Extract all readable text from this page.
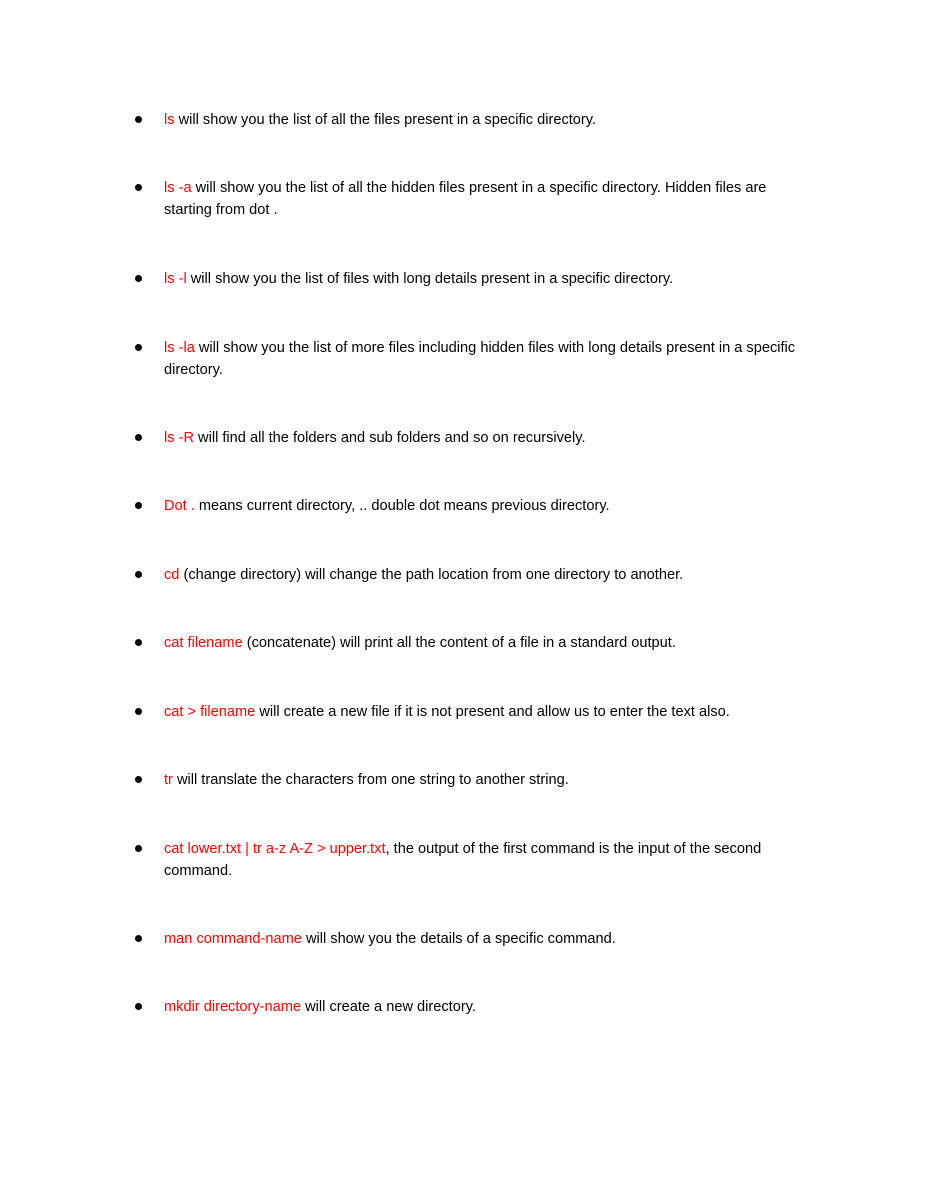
ls will show you the list of all the files present in a specific directory.
ls -a will show you the list of all the hidden files present in a specific directory. Hidden files are starting from dot .
ls -l will show you the list of files with long details present in a specific directory.
ls -la will show you the list of more files including hidden files with long details present in a specific directory.
ls -R will find all the folders and sub folders and so on recursively.
Dot . means current directory, .. double dot means previous directory.
cd (change directory) will change the path location from one directory to another.
cat filename (concatenate) will print all the content of a file in a standard output.
cat > filename will create a new file if it is not present and allow us to enter the text also.
tr will translate the characters from one string to another string.
cat lower.txt | tr a-z A-Z > upper.txt, the output of the first command is the input of the second command.
man command-name will show you the details of a specific command.
mkdir directory-name will create a new directory.
